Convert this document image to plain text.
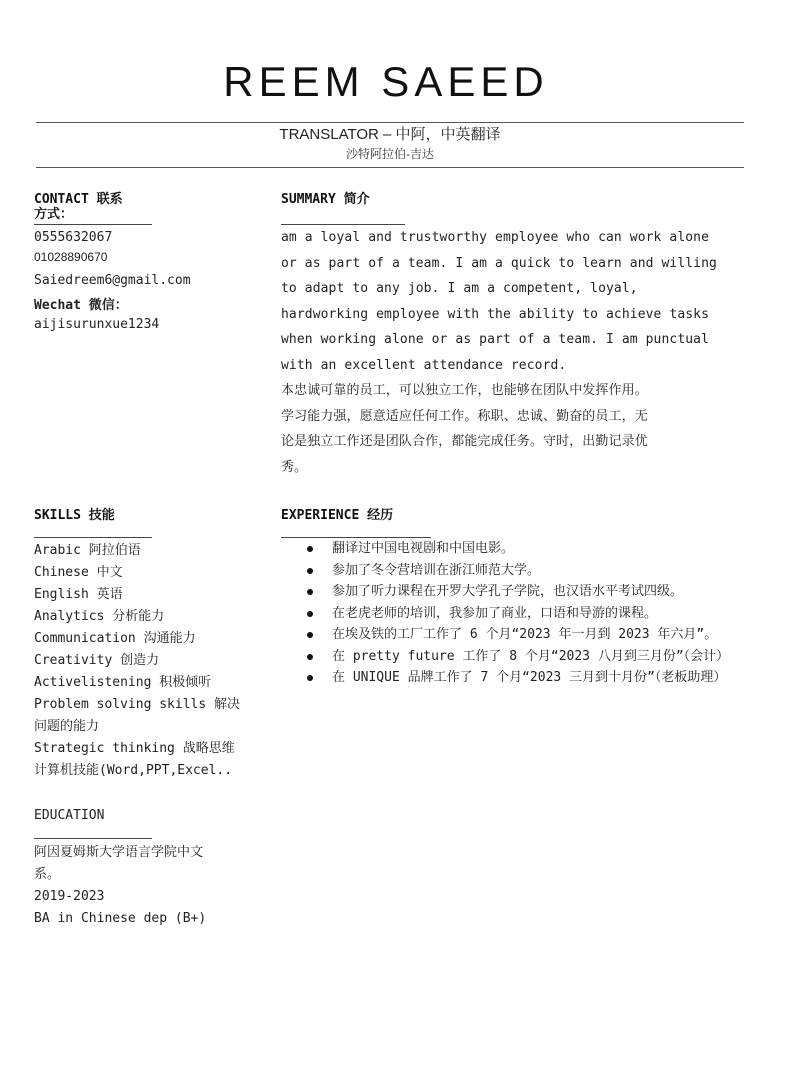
REEM SAEED
TRANSLATOR – 中阿，中英翻译
沙特阿拉伯-吉达
CONTACT 联系
方式：
0555632067
01028890670
Saiedreem6@gmail.com
Wechat 微信：
aijisurunxue1234
SUMMARY 简介
am a loyal and trustworthy employee who can work alone
or as part of a team. I am a quick to learn and willing
to adapt to any job. I am a competent, loyal,
hardworking employee with the ability to achieve tasks
when working alone or as part of a team. I am punctual
with an excellent attendance record.
本忠诚可靠的员工，可以独立工作，也能够在团队中发挥作用。
学习能力强，愿意适应任何工作。称职、忠诚、勤奋的员工，无
论是独立工作还是团队合作，都能完成任务。守时，出勤记录优
秀。
SKILLS 技能
Arabic 阿拉伯语
Chinese 中文
English 英语
Analytics 分析能力
Communication 沟通能力
Creativity 创造力
Activelistening 积极倾听
Problem solving skills 解决
问题的能力
Strategic thinking 战略思维
计算机技能(Word,PPT,Excel..
EXPERIENCE 经历
翻译过中国电视剧和中国电影。
参加了冬令营培训在浙江师范大学。
参加了听力课程在开罗大学孔子学院，也汉语水平考试四级。
在老虎老师的培训，我参加了商业，口语和导游的课程。
在埃及铁的工厂工作了 6 个月“2023 年一月到 2023 年六月”。
在 pretty future 工作了 8 个月“2023 八月到三月份”（会计）
在 UNIQUE 品牌工作了 7 个月“2023 三月到十月份”（老板助理）
EDUCATION
阿因夏姆斯大学语言学院中文
系。
2019-2023
BA in Chinese dep (B+)
